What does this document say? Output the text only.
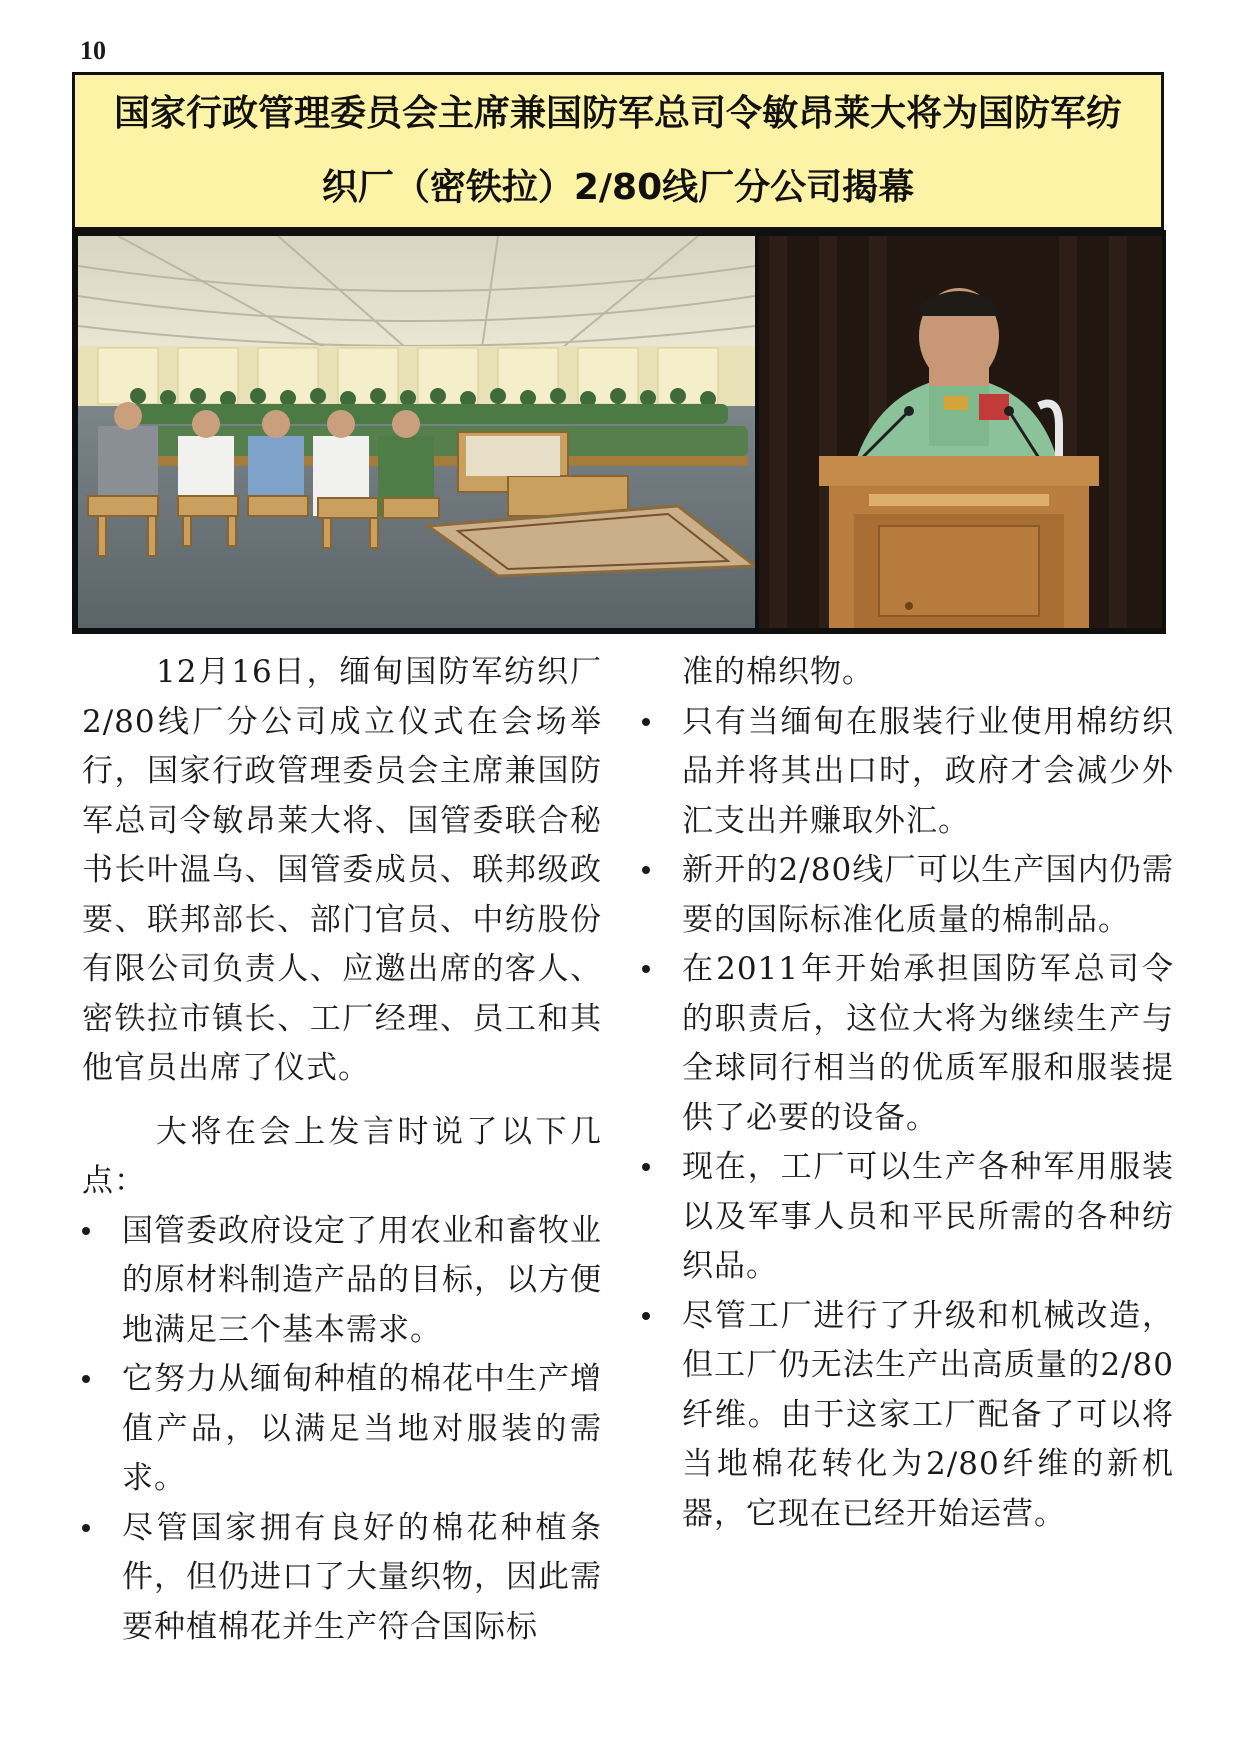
10
国家行政管理委员会主席兼国防军总司令敏昂莱大将为国防军纺
织厂（密铁拉）2/80线厂分公司揭幕

12月16日，缅甸国防军纺织厂2/80线厂分公司成立仪式在会场举行，国家行政管理委员会主席兼国防军总司令敏昂莱大将、国管委联合秘书长叶温乌、国管委成员、联邦级政要、联邦部长、部门官员、中纺股份有限公司负责人、应邀出席的客人、密铁拉市镇长、工厂经理、员工和其他官员出席了仪式。

大将在会上发言时说了以下几点：

国管委政府设定了用农业和畜牧业的原材料制造产品的目标，以方便地满足三个基本需求。
它努力从缅甸种植的棉花中生产增值产品，以满足当地对服装的需求。
尽管国家拥有良好的棉花种植条件，但仍进口了大量织物，因此需要种植棉花并生产符合国际标

准的棉织物。

只有当缅甸在服装行业使用棉纺织品并将其出口时，政府才会减少外汇支出并赚取外汇。
新开的2/80线厂可以生产国内仍需要的国际标准化质量的棉制品。
在2011年开始承担国防军总司令的职责后，这位大将为继续生产与全球同行相当的优质军服和服装提供了必要的设备。
现在，工厂可以生产各种军用服装以及军事人员和平民所需的各种纺织品。
尽管工厂进行了升级和机械改造，但工厂仍无法生产出高质量的2/80纤维。由于这家工厂配备了可以将当地棉花转化为2/80纤维的新机器，它现在已经开始运营。
